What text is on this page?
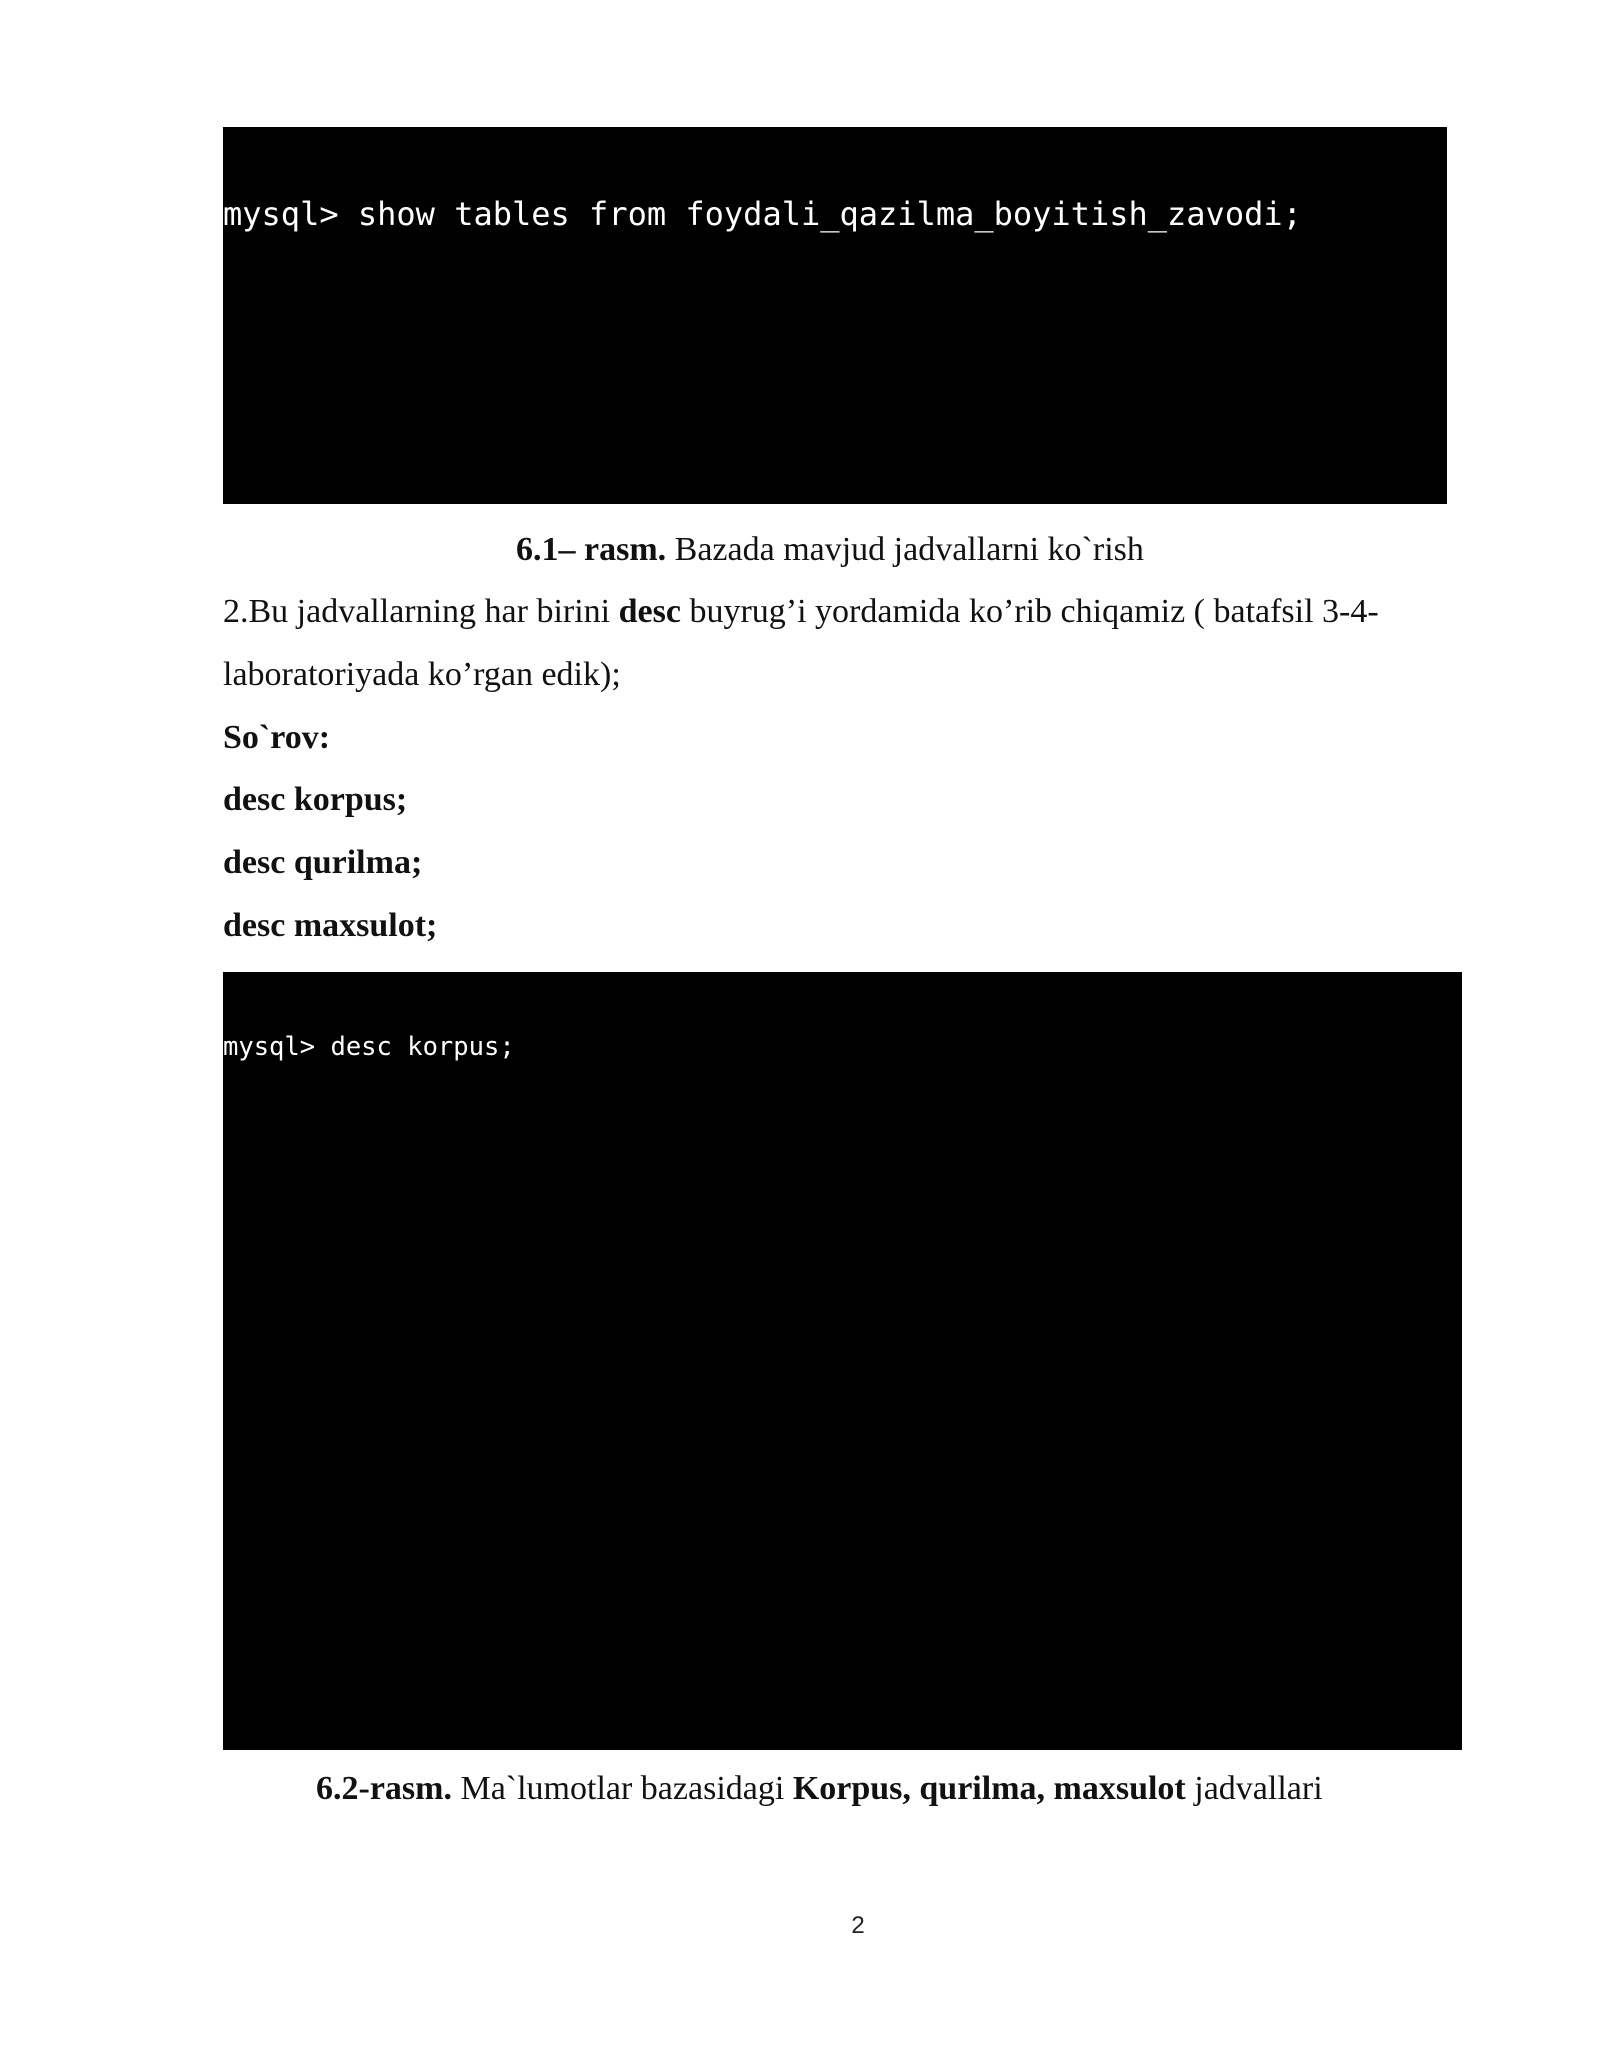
mysql> show tables from foydali_qazilma_boyitish_zavodi;

6.1– rasm. Bazada mavjud jadvallarni ko`rish
2.Bu jadvallarning har birini desc buyrug’i yordamida ko’rib chiqamiz ( batafsil 3-4-
laboratoriyada ko’rgan edik);
So`rov:
desc korpus;
desc qurilma;
desc maxsulot;

mysql> desc korpus;

6.2-rasm. Ma`lumotlar bazasidagi Korpus, qurilma, maxsulot jadvallari
2
